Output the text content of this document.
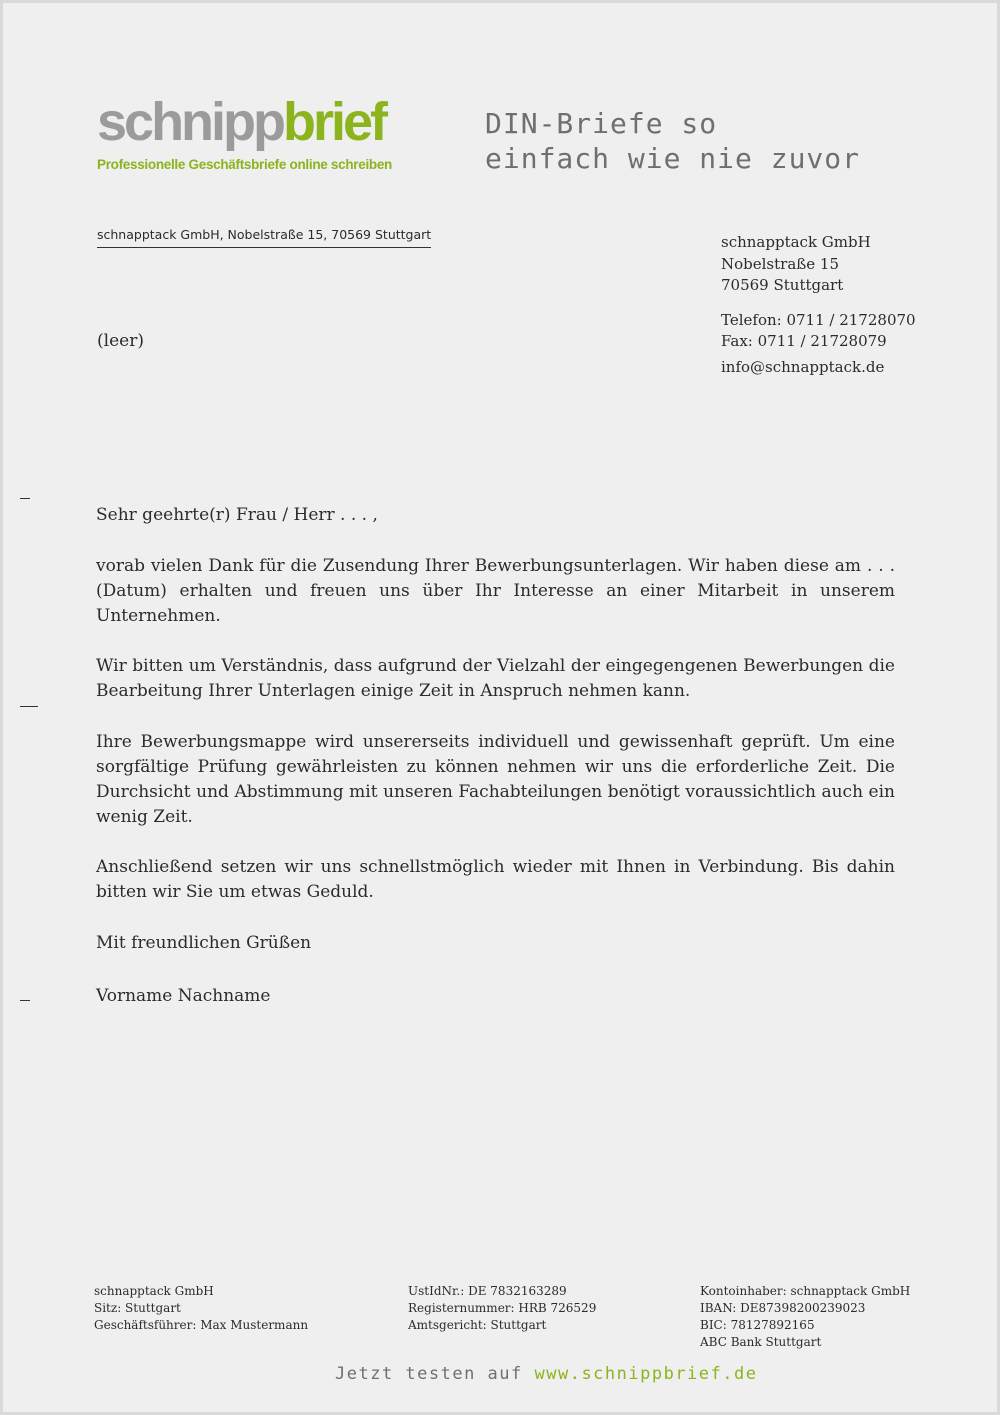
schnippbrief
Professionelle Geschäftsbriefe online schreiben
DIN-Briefe so
einfach wie nie zuvor
schnapptack GmbH, Nobelstraße 15, 70569 Stuttgart
(leer)
schnapptack GmbH
Nobelstraße 15
70569 Stuttgart
Telefon: 0711 / 21728070
Fax: 0711 / 21728079
info@schnapptack.de

Sehr geehrte(r) Frau / Herr . . . ,

vorab vielen Dank für die Zusendung Ihrer Bewerbungsunterlagen. Wir haben diese am . . . (Datum) erhalten und freuen uns über Ihr Interesse an einer Mitarbeit in unserem Unternehmen.

Wir bitten um Verständnis, dass aufgrund der Vielzahl der eingegengenen Bewerbungen die Bearbeitung Ihrer Unterlagen einige Zeit in Anspruch nehmen kann.

Ihre Bewerbungsmappe wird unsererseits individuell und gewissenhaft geprüft. Um eine sorgfältige Prüfung gewährleisten zu können nehmen wir uns die erforderliche Zeit. Die Durchsicht und Abstimmung mit unseren Fachabteilungen benötigt voraussichtlich auch ein wenig Zeit.

Anschließend setzen wir uns schnellstmöglich wieder mit Ihnen in Verbindung. Bis dahin bitten wir Sie um etwas Geduld.

Mit freundlichen Grüßen

Vorname Nachname

schnapptack GmbH
Sitz: Stuttgart
Geschäftsführer: Max Mustermann
UstIdNr.: DE 7832163289
Registernummer: HRB 726529
Amtsgericht: Stuttgart
Kontoinhaber: schnapptack GmbH
IBAN: DE87398200239023
BIC: 78127892165
ABC Bank Stuttgart
Jetzt testen auf www.schnippbrief.de
